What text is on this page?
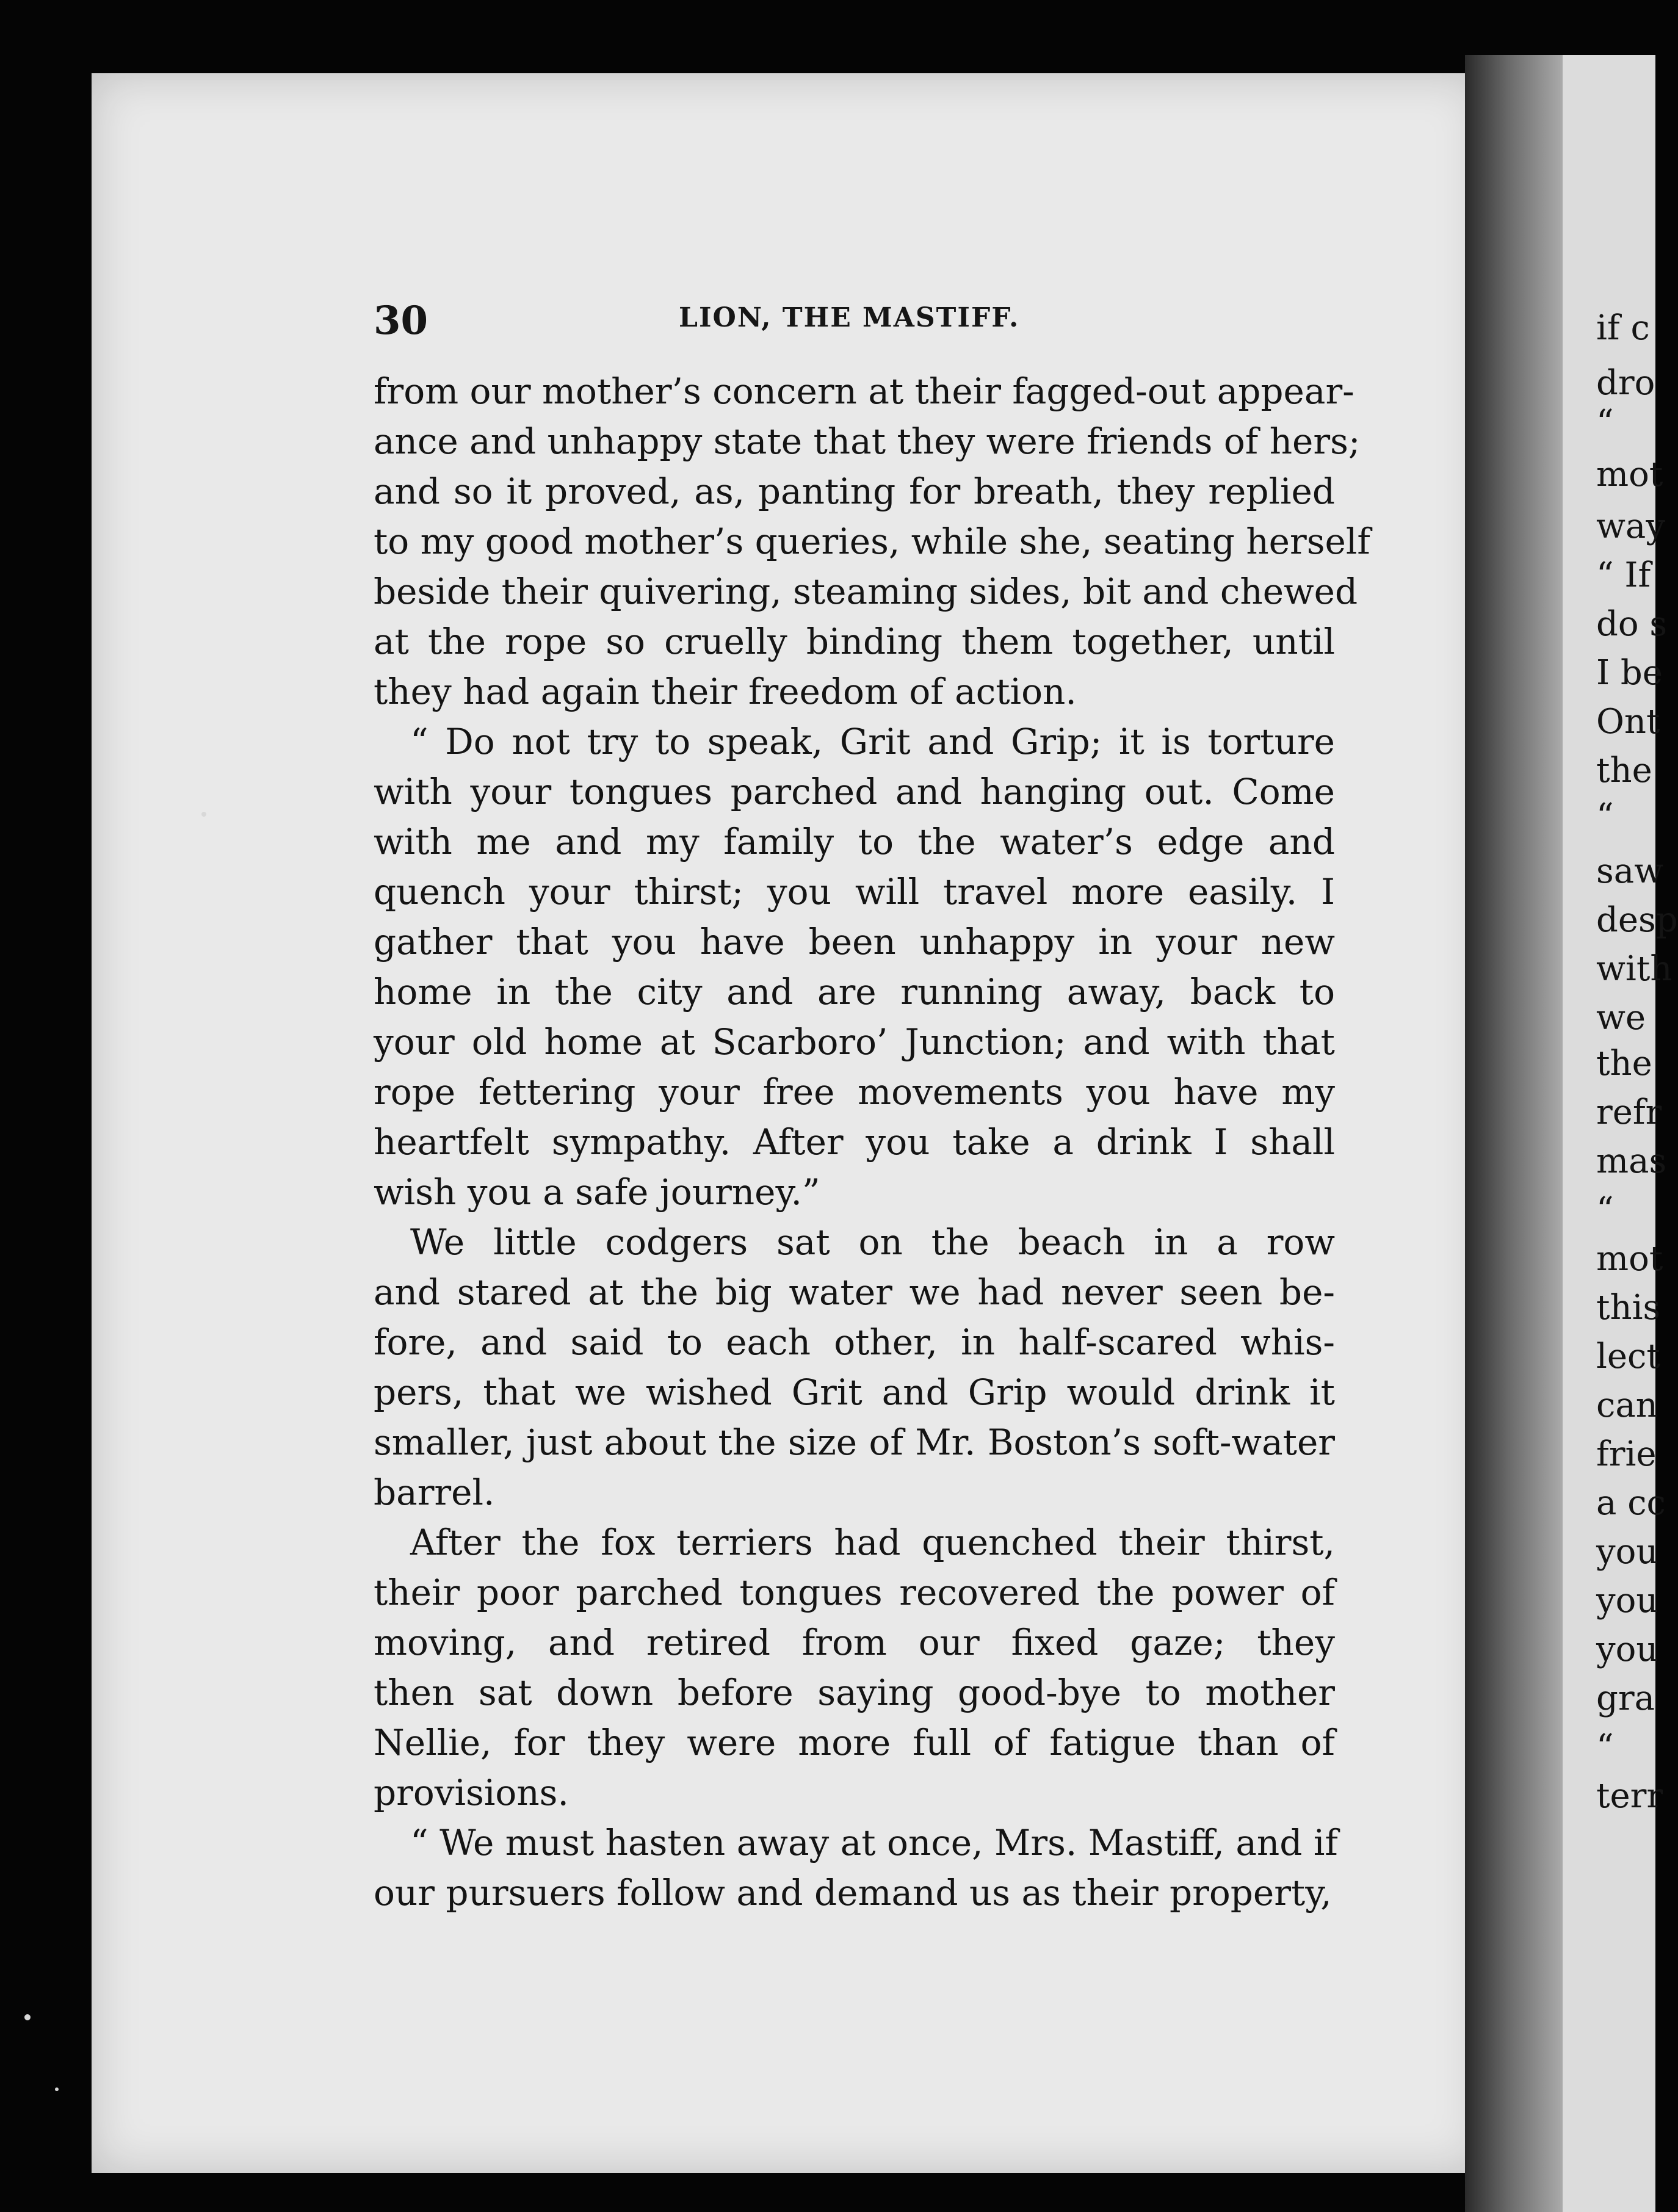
if c
dro
“
mot
way
“ If
do s
I be
Ont
the
“
saw
desp
with
we
the
refr
mas
“
mot
this
lect
can
frie
a cc
you
you
you
gra
“
terr
30	LION, THE MASTIFF.
from our mother’s concern at their fagged-out appear-
ance and unhappy state that they were friends of hers;
and so it proved, as, panting for breath, they replied
to my good mother’s queries, while she, seating herself
beside their quivering, steaming sides, bit and chewed
at the rope so cruelly binding them together, until
they had again their freedom of action.
“ Do not try to speak, Grit and Grip; it is torture
with your tongues parched and hanging out. Come
with me and my family to the water’s edge and
quench your thirst; you will travel more easily. I
gather that you have been unhappy in your new
home in the city and are running away, back to
your old home at Scarboro’ Junction; and with that
rope fettering your free movements you have my
heartfelt sympathy. After you take a drink I shall
wish you a safe journey.”
We little codgers sat on the beach in a row
and stared at the big water we had never seen be-
fore, and said to each other, in half-scared whis-
pers, that we wished Grit and Grip would drink it
smaller, just about the size of Mr. Boston’s soft-water
barrel.
After the fox terriers had quenched their thirst,
their poor parched tongues recovered the power of
moving, and retired from our fixed gaze; they
then sat down before saying good-bye to mother
Nellie, for they were more full of fatigue than of
provisions.
“ We must hasten away at once, Mrs. Mastiff, and if
our pursuers follow and demand us as their property,
